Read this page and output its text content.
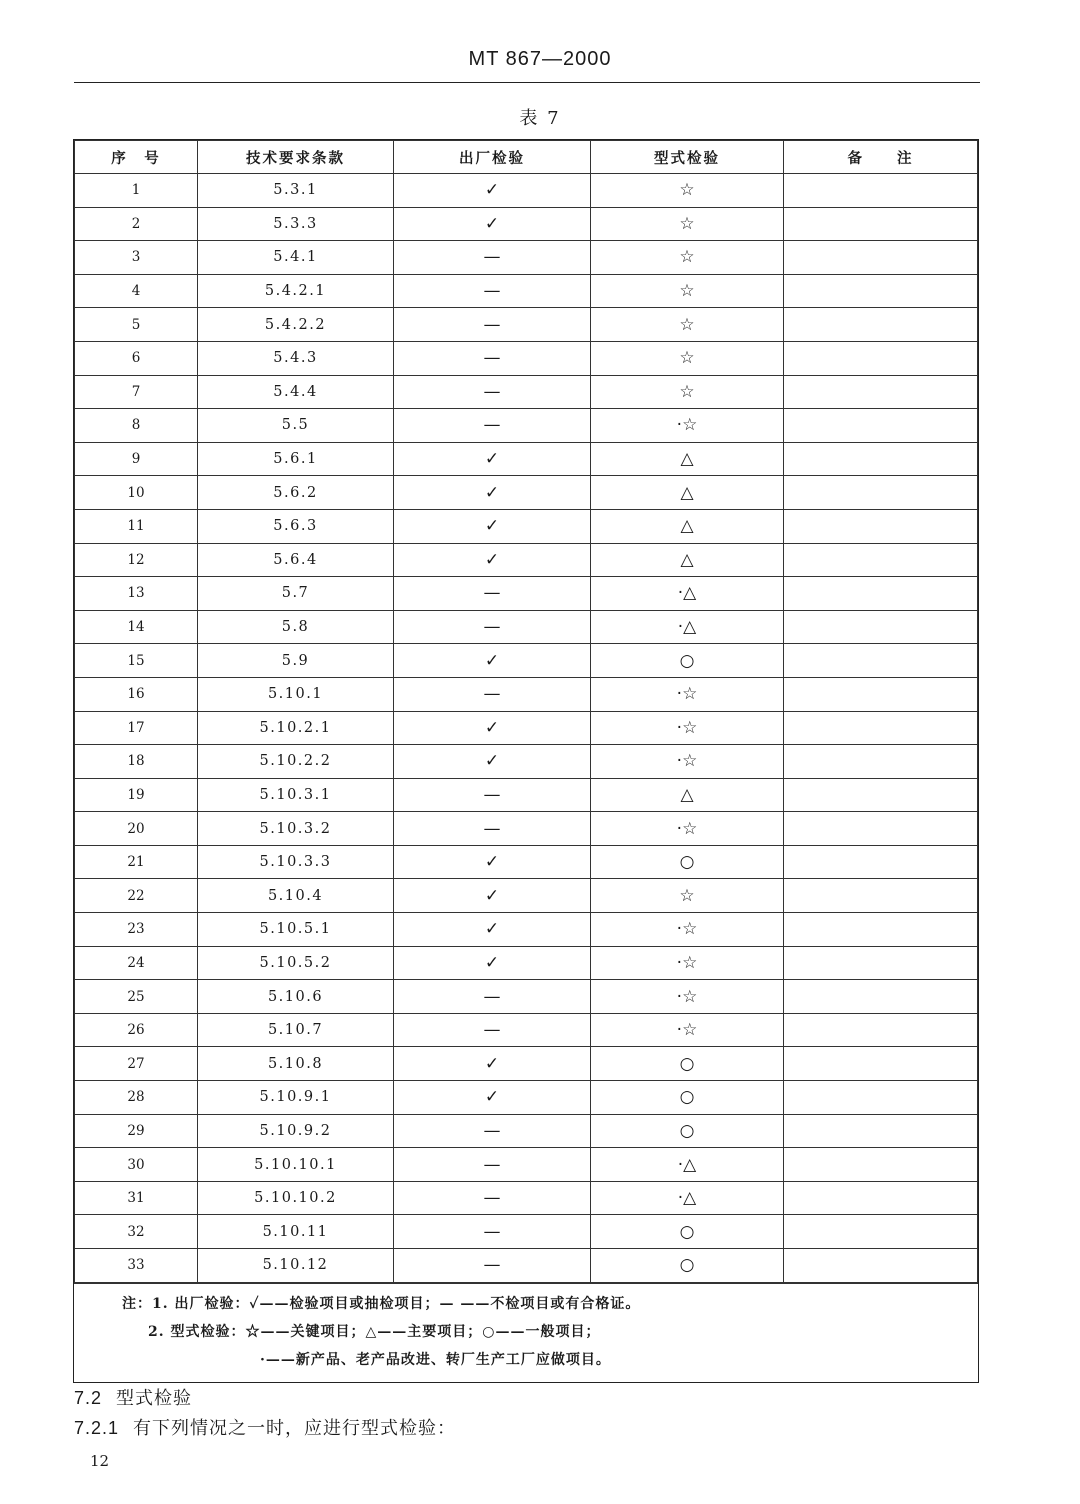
MT 867—2000
表 7
序　号	技术要求条款	出厂检验	型式检验	备　　注
1	5.3.1	✓	☆	
2	5.3.3	✓	☆	
3	5.4.1	—	☆	
4	5.4.2.1	—	☆	
5	5.4.2.2	—	☆	
6	5.4.3	—	☆	
7	5.4.4	—	☆	
8	5.5	—	·☆	
9	5.6.1	✓	△	
10	5.6.2	✓	△	
11	5.6.3	✓	△	
12	5.6.4	✓	△	
13	5.7	—	·△	
14	5.8	—	·△	
15	5.9	✓	○	
16	5.10.1	—	·☆	
17	5.10.2.1	✓	·☆	
18	5.10.2.2	✓	·☆	
19	5.10.3.1	—	△	
20	5.10.3.2	—	·☆	
21	5.10.3.3	✓	○	
22	5.10.4	✓	☆	
23	5.10.5.1	✓	·☆	
24	5.10.5.2	✓	·☆	
25	5.10.6	—	·☆	
26	5.10.7	—	·☆	
27	5.10.8	✓	○	
28	5.10.9.1	✓	○	
29	5.10.9.2	—	○	
30	5.10.10.1	—	·△	
31	5.10.10.2	—	·△	
32	5.10.11	—	○	
33	5.10.12	—	○	
注：1. 出厂检验：✓——检验项目或抽检项目；— ——不检项目或有合格证。
2. 型式检验：☆——关键项目；△——主要项目；○——一般项目；
·——新产品、老产品改进、转厂生产工厂应做项目。
7.2 型式检验
7.2.1 有下列情况之一时，应进行型式检验：
12
